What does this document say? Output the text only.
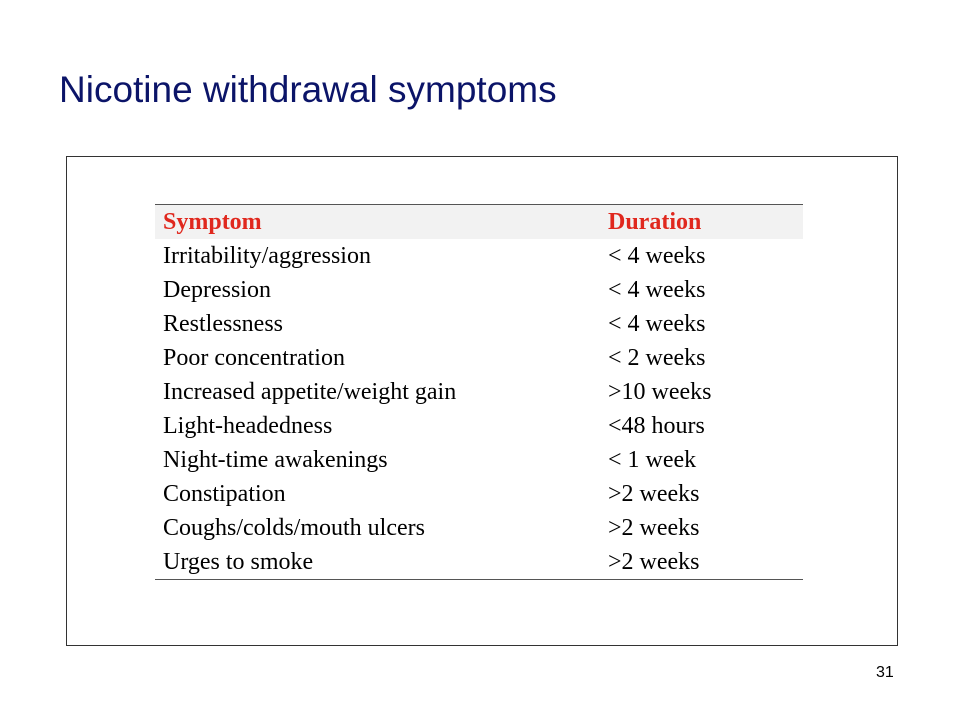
Nicotine withdrawal symptoms
Symptom	Duration
Irritability/aggression	< 4 weeks
Depression	< 4 weeks
Restlessness	< 4 weeks
Poor concentration	< 2 weeks
Increased appetite/weight gain	>10 weeks
Light-headedness	<48 hours
Night-time awakenings	< 1 week
Constipation	>2 weeks
Coughs/colds/mouth ulcers	>2 weeks
Urges to smoke	>2 weeks
31
